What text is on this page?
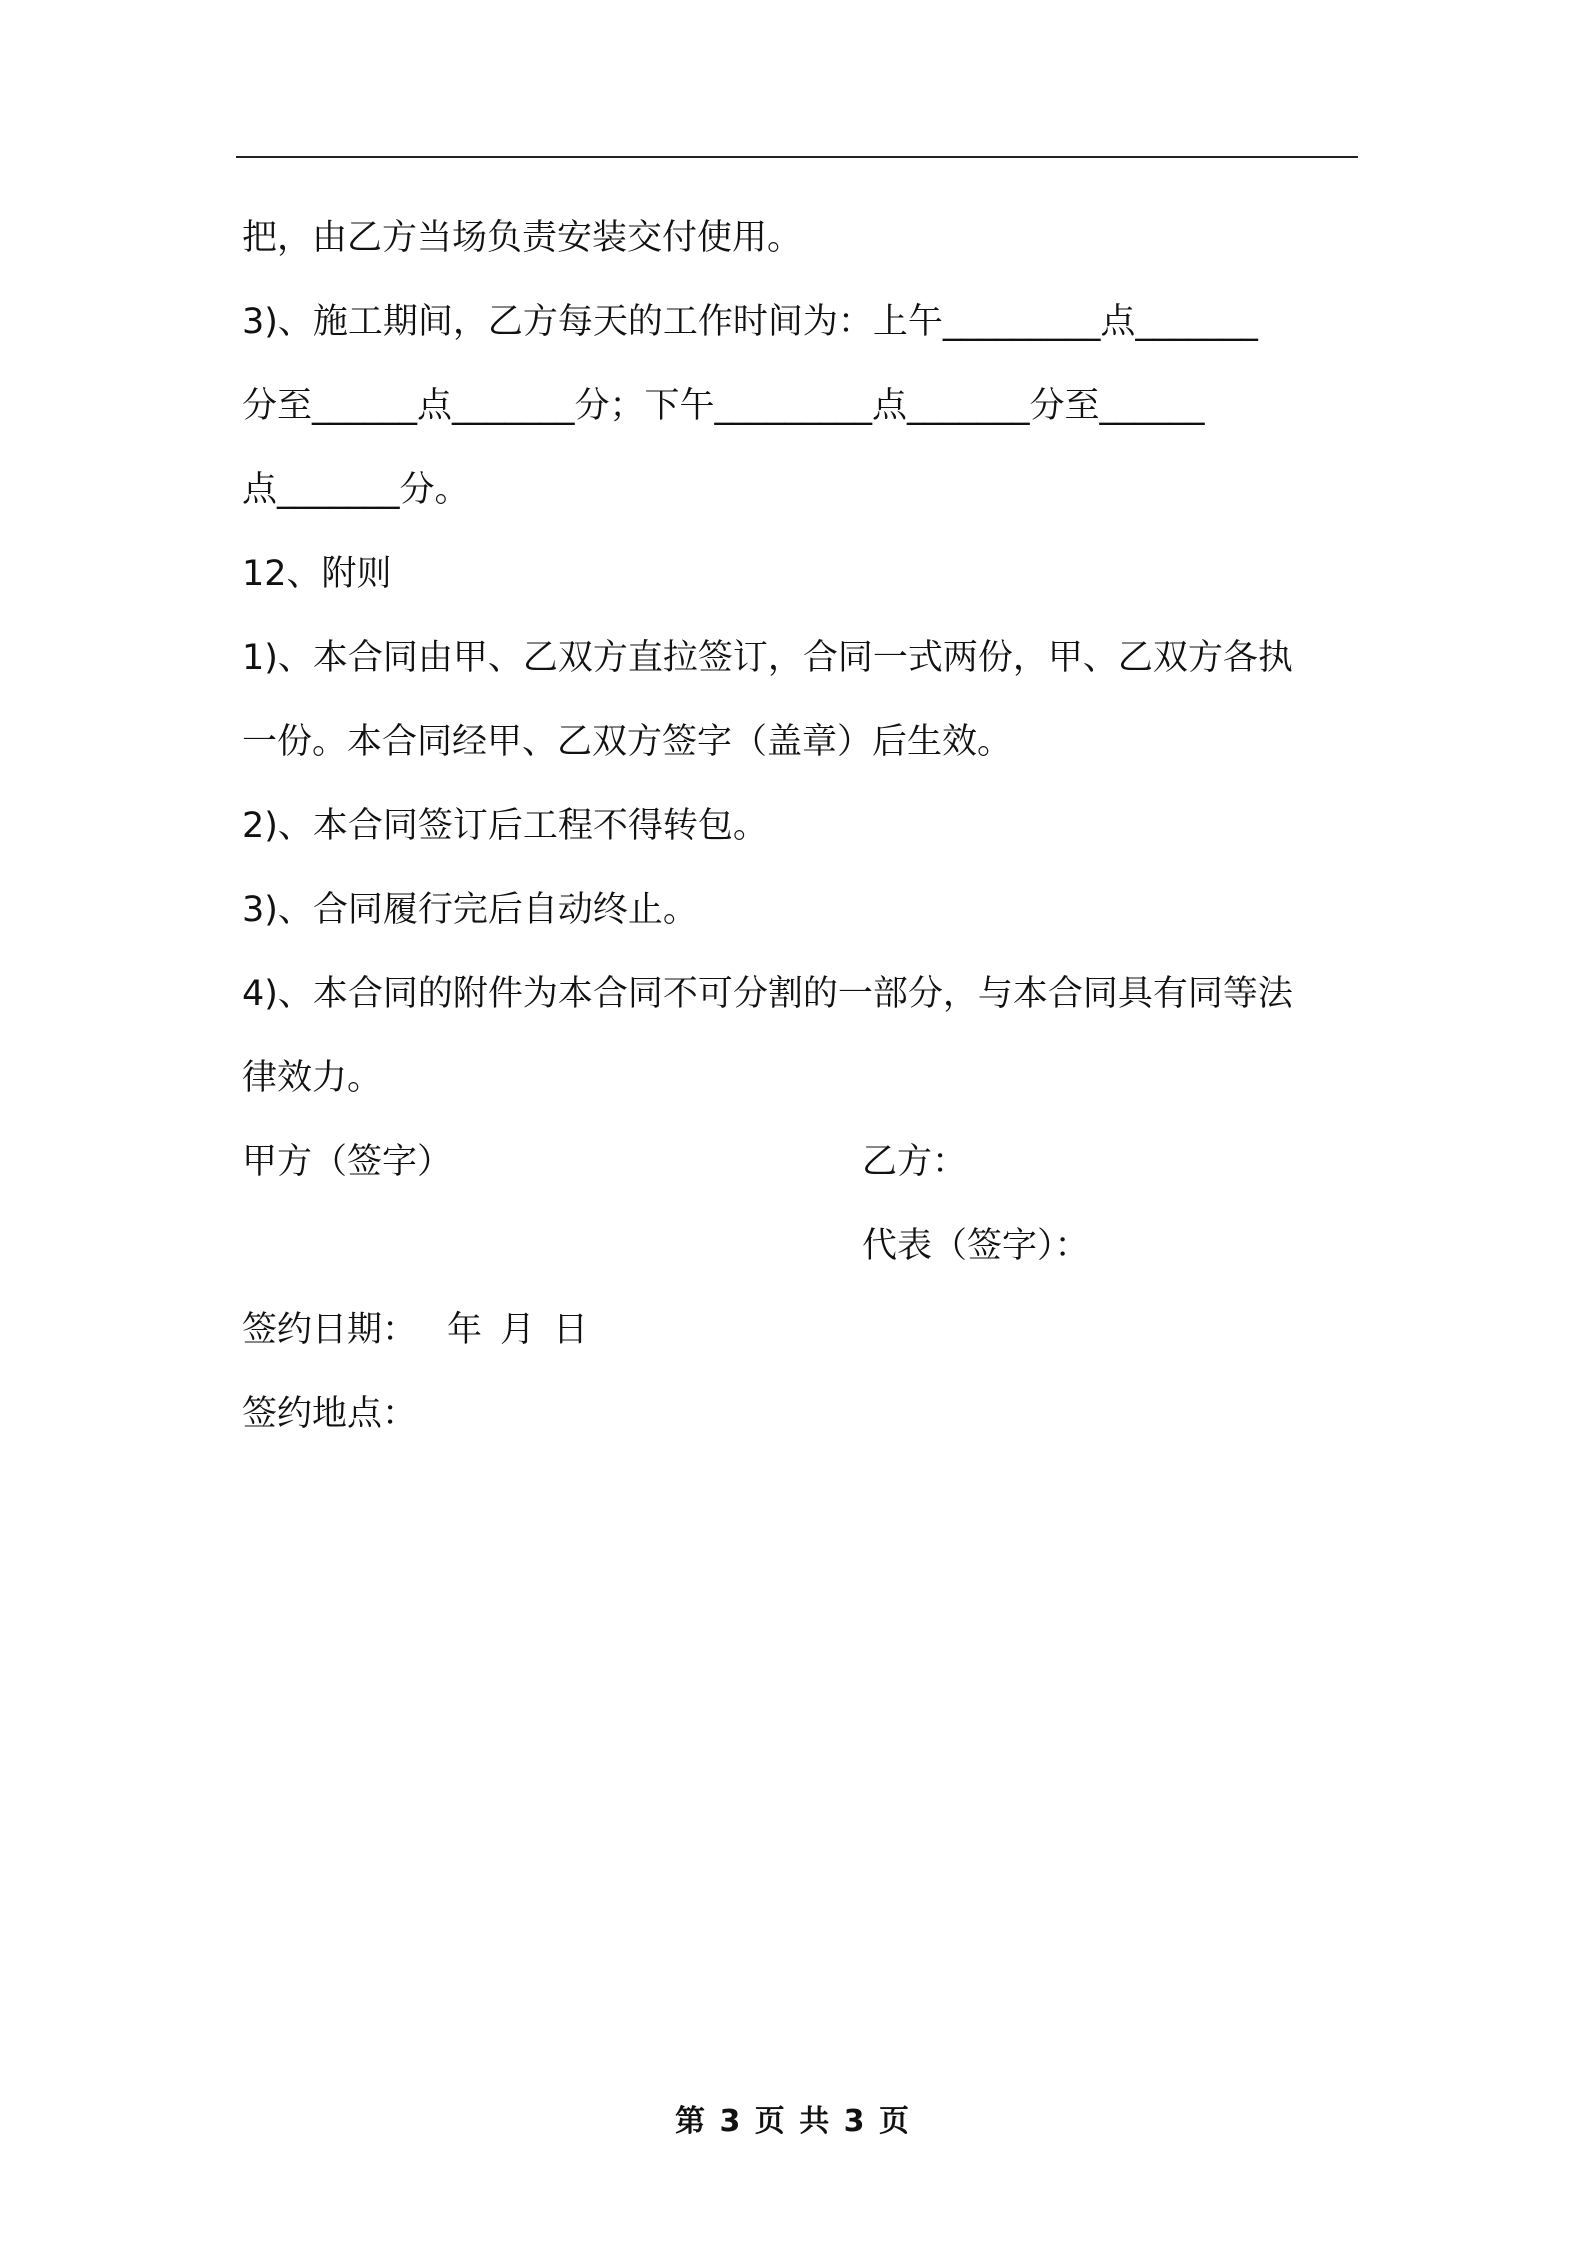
把，由乙方当场负责安装交付使用。

3)、施工期间，乙方每天的工作时间为：上午_________点_______

分至______点_______分；下午_________点_______分至______

点_______分。

12、附则

1)、本合同由甲、乙双方直拉签订，合同一式两份，甲、乙双方各执

一份。本合同经甲、乙双方签字（盖章）后生效。

2)、本合同签订后工程不得转包。

3)、合同履行完后自动终止。

4)、本合同的附件为本合同不可分割的一部分，与本合同具有同等法

律效力。

甲方（签字）	乙方：
代表（签字）：

签约日期： 年 月 日

签约地点：

第 3 页 共 3 页
